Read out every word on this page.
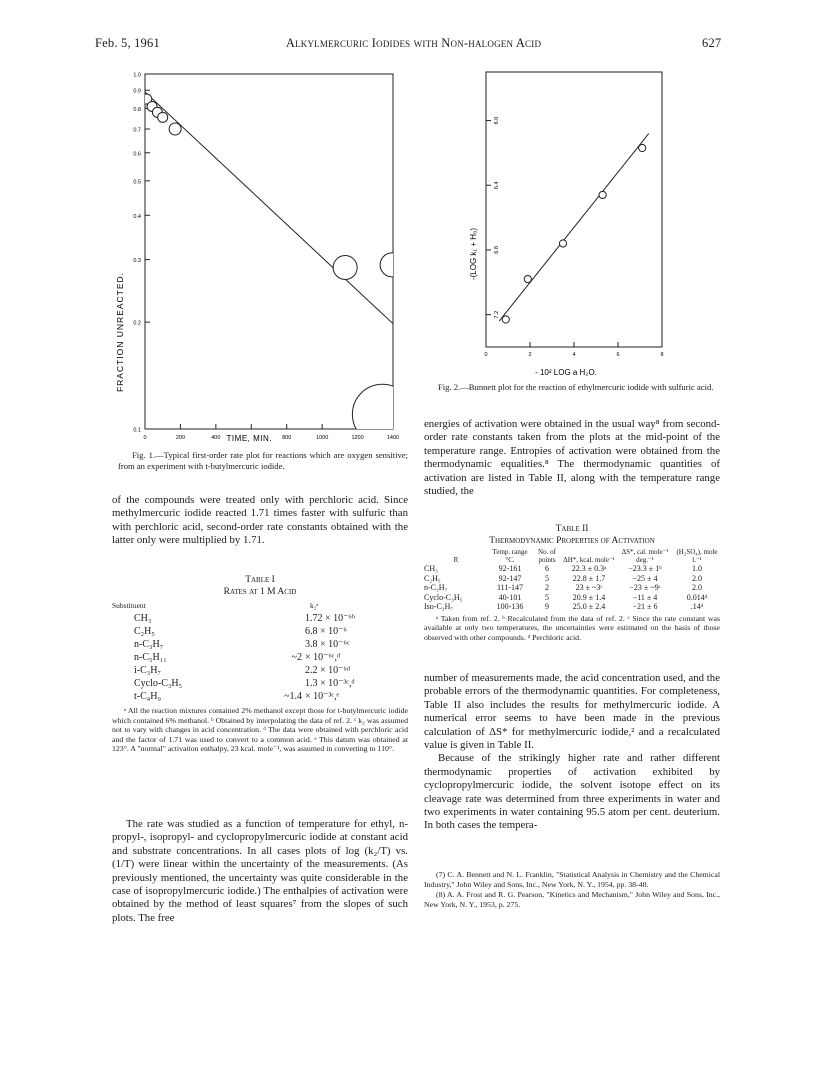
Feb. 5, 1961	Alkylmercuric Iodides with Non-halogen Acid	627
1.0
0.9
0.8
0.7
0.6
0.5
0.4
0.3
0.2
0.1
0	200	400 TIME, MIN. 800	1000	1200	1400
FRACTION UNREACTED.
Fig. 1.—Typical first-order rate plot for reactions which are oxygen sensitive; from an experiment with t-butylmercuric iodide.
7.2
6.8
6.4
6.0
0	2	4	6	8
-(LOG k₁ + H₀)
- 10² LOG a H₂O.
Fig. 2.—Bunnett plot for the reaction of ethylmercuric iodide with sulfuric acid.

of the compounds were treated only with perchloric acid. Since methylmercuric iodide reacted 1.71 times faster with sulfuric than with perchloric acid, second-order rate constants obtained with the latter only were multiplied by 1.71.

Table I
Rates at 1 M Acid
Substituent	k₂ᵃ	
CH₃		1.72 × 10⁻⁶ᵇ
C₂H₅		6.8 × 10⁻⁶
n-C₃H₇		3.8 × 10⁻⁶ᶜ
n-C₅H₁₁	~2	× 10⁻⁶ᶜ,ᵈ
i-C₃H₇		2.2 × 10⁻⁶ᵈ
Cyclo-C₃H₅		1.3 × 10⁻³ᶜ,ᵈ
t-C₄H₉	~1.4	× 10⁻³ᶜ,ᵉ
ᵃ All the reaction mixtures contained 2% methanol except those for t-butylmercuric iodide which contained 6% methanol. ᵇ Obtained by interpolating the data of ref. 2. ᶜ k₂ was assumed not to vary with changes in acid concentration. ᵈ The data were obtained with perchloric acid and the factor of 1.71 was used to convert to a common acid. ᵉ This datum was obtained at 123°. A "normal" activation enthalpy, 23 kcal. mole⁻¹, was assumed in converting to 110°.

The rate was studied as a function of temperature for ethyl, n-propyl-, isopropyl- and cyclopropylmercuric iodide at constant acid and substrate concentrations. In all cases plots of log (k₂/T) vs. (1/T) were linear within the uncertainty of the measurements. (As previously mentioned, the uncertainty was quite considerable in the case of isopropylmercuric iodide.) The enthalpies of activation were obtained by the method of least squares⁷ from the slopes of such plots. The free

energies of activation were obtained in the usual way⁸ from second-order rate constants taken from the plots at the mid-point of the temperature range. Entropies of activation were obtained from the thermodynamic equalities.⁸ The thermodynamic quantities of activation are listed in Table II, along with the temperature range studied, the

Table II
Thermodynamic Properties of Activation
R	Temp. range °C.	No. of points	ΔH*, kcal. mole⁻¹	ΔS*, cal. mole⁻¹ deg.⁻¹	(H₂SO₄), mole l.⁻¹
CH₃	92-161	6	22.3 ± 0.3ᵃ	−23.3 ± 1ᵇ	1.0
C₂H₅	92-147	5	22.8 ± 1.7	−25 ± 4	2.0
n-C₃H₇	111-147	2	23 ± ~3ᶜ	−23 ± ~9ᶜ	2.0
Cyclo-C₃H₅	40-101	5	20.9 ± 1.4	−11 ± 4	0.014ᵈ
Iso-C₃H₇	100-136	9	25.0 ± 2.4	−21 ± 6	.14ᵈ
ᵃ Taken from ref. 2. ᵇ Recalculated from the data of ref. 2. ᶜ Since the rate constant was available at only two temperatures, the uncertainties were estimated on the basis of those observed with other compounds. ᵈ Perchloric acid.

number of measurements made, the acid concentration used, and the probable errors of the thermodynamic quantities. For completeness, Table II also includes the results for methylmercuric iodide. A numerical error seems to have been made in the previous calculation of ΔS* for methylmercuric iodide,² and a recalculated value is given in Table II.

Because of the strikingly higher rate and rather different thermodynamic properties of activation exhibited by cyclopropylmercuric iodide, the solvent isotope effect on its cleavage rate was determined from three experiments in water and two experiments in water containing 95.5 atom per cent. deuterium. In both cases the tempera-

(7) C. A. Bennett and N. L. Franklin, "Statistical Analysis in Chemistry and the Chemical Industry," John Wiley and Sons, Inc., New York, N. Y., 1954, pp. 38-40.
(8) A. A. Frost and R. G. Pearson, "Kinetics and Mechanism," John Wiley and Sons, Inc., New York, N. Y., 1953, p. 275.
